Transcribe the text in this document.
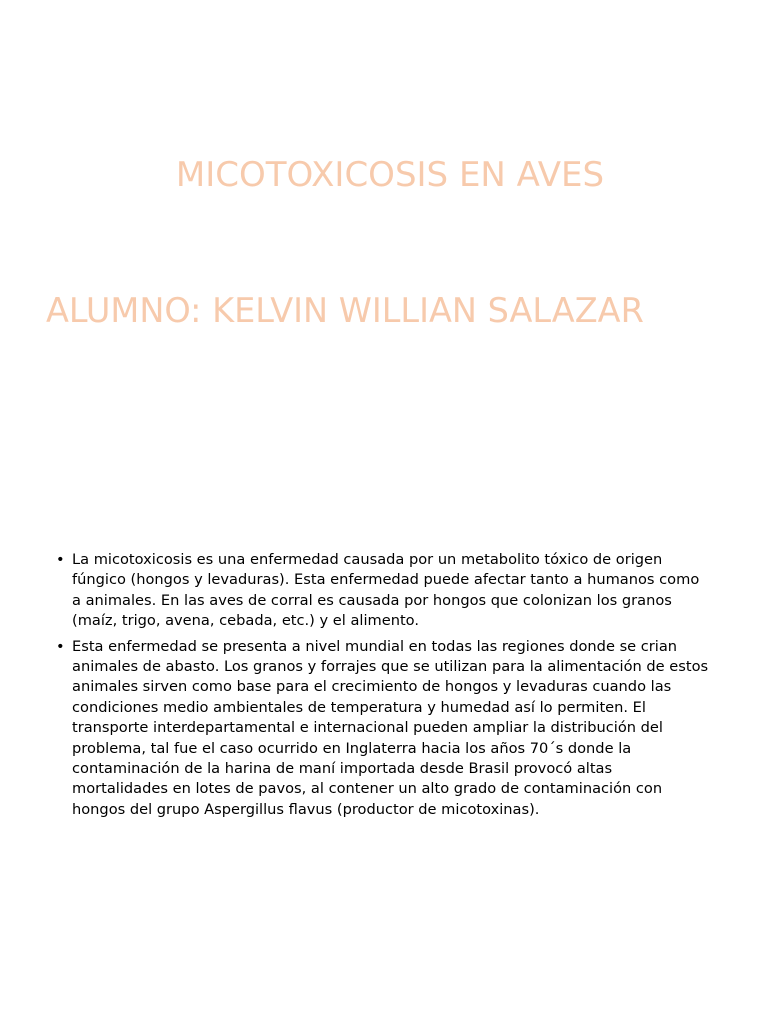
MICOTOXICOSIS EN AVES
ALUMNO: KELVIN WILLIAN SALAZAR
• La micotoxicosis es una enfermedad causada por un metabolito tóxico de origen fúngico (hongos y levaduras). Esta enfermedad puede afectar tanto a humanos como a animales. En las aves de corral es causada por hongos que colonizan los granos (maíz, trigo, avena, cebada, etc.) y el alimento.
• Esta enfermedad se presenta a nivel mundial en todas las regiones donde se crian animales de abasto. Los granos y forrajes que se utilizan para la alimentación de estos animales sirven como base para el crecimiento de hongos y levaduras cuando las condiciones medio ambientales de temperatura y humedad así lo permiten. El transporte interdepartamental e internacional pueden ampliar la distribución del problema, tal fue el caso ocurrido en Inglaterra hacia los años 70´s donde la contaminación de la harina de maní importada desde Brasil provocó altas mortalidades en lotes de pavos, al contener un alto grado de contaminación con hongos del grupo Aspergillus flavus (productor de micotoxinas).
